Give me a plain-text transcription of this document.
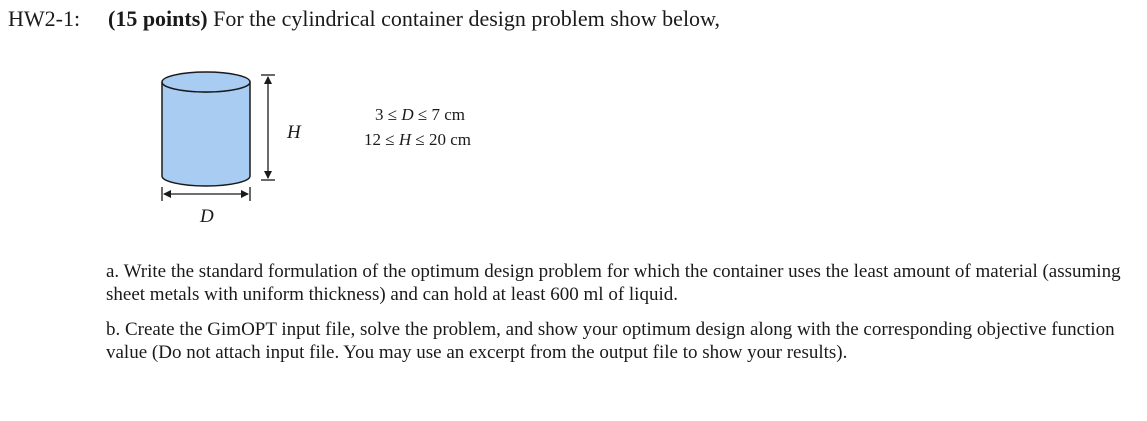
HW2-1: (15 points) For the cylindrical container design problem show below,
H
D
3 ≤ D ≤ 7 cm
12 ≤ H ≤ 20 cm
a. Write the standard formulation of the optimum design problem for which the container uses the least amount of material (assuming sheet metals with uniform thickness) and can hold at least 600 ml of liquid.
b. Create the GimOPT input file, solve the problem, and show your optimum design along with the corresponding objective function value (Do not attach input file. You may use an excerpt from the output file to show your results).
